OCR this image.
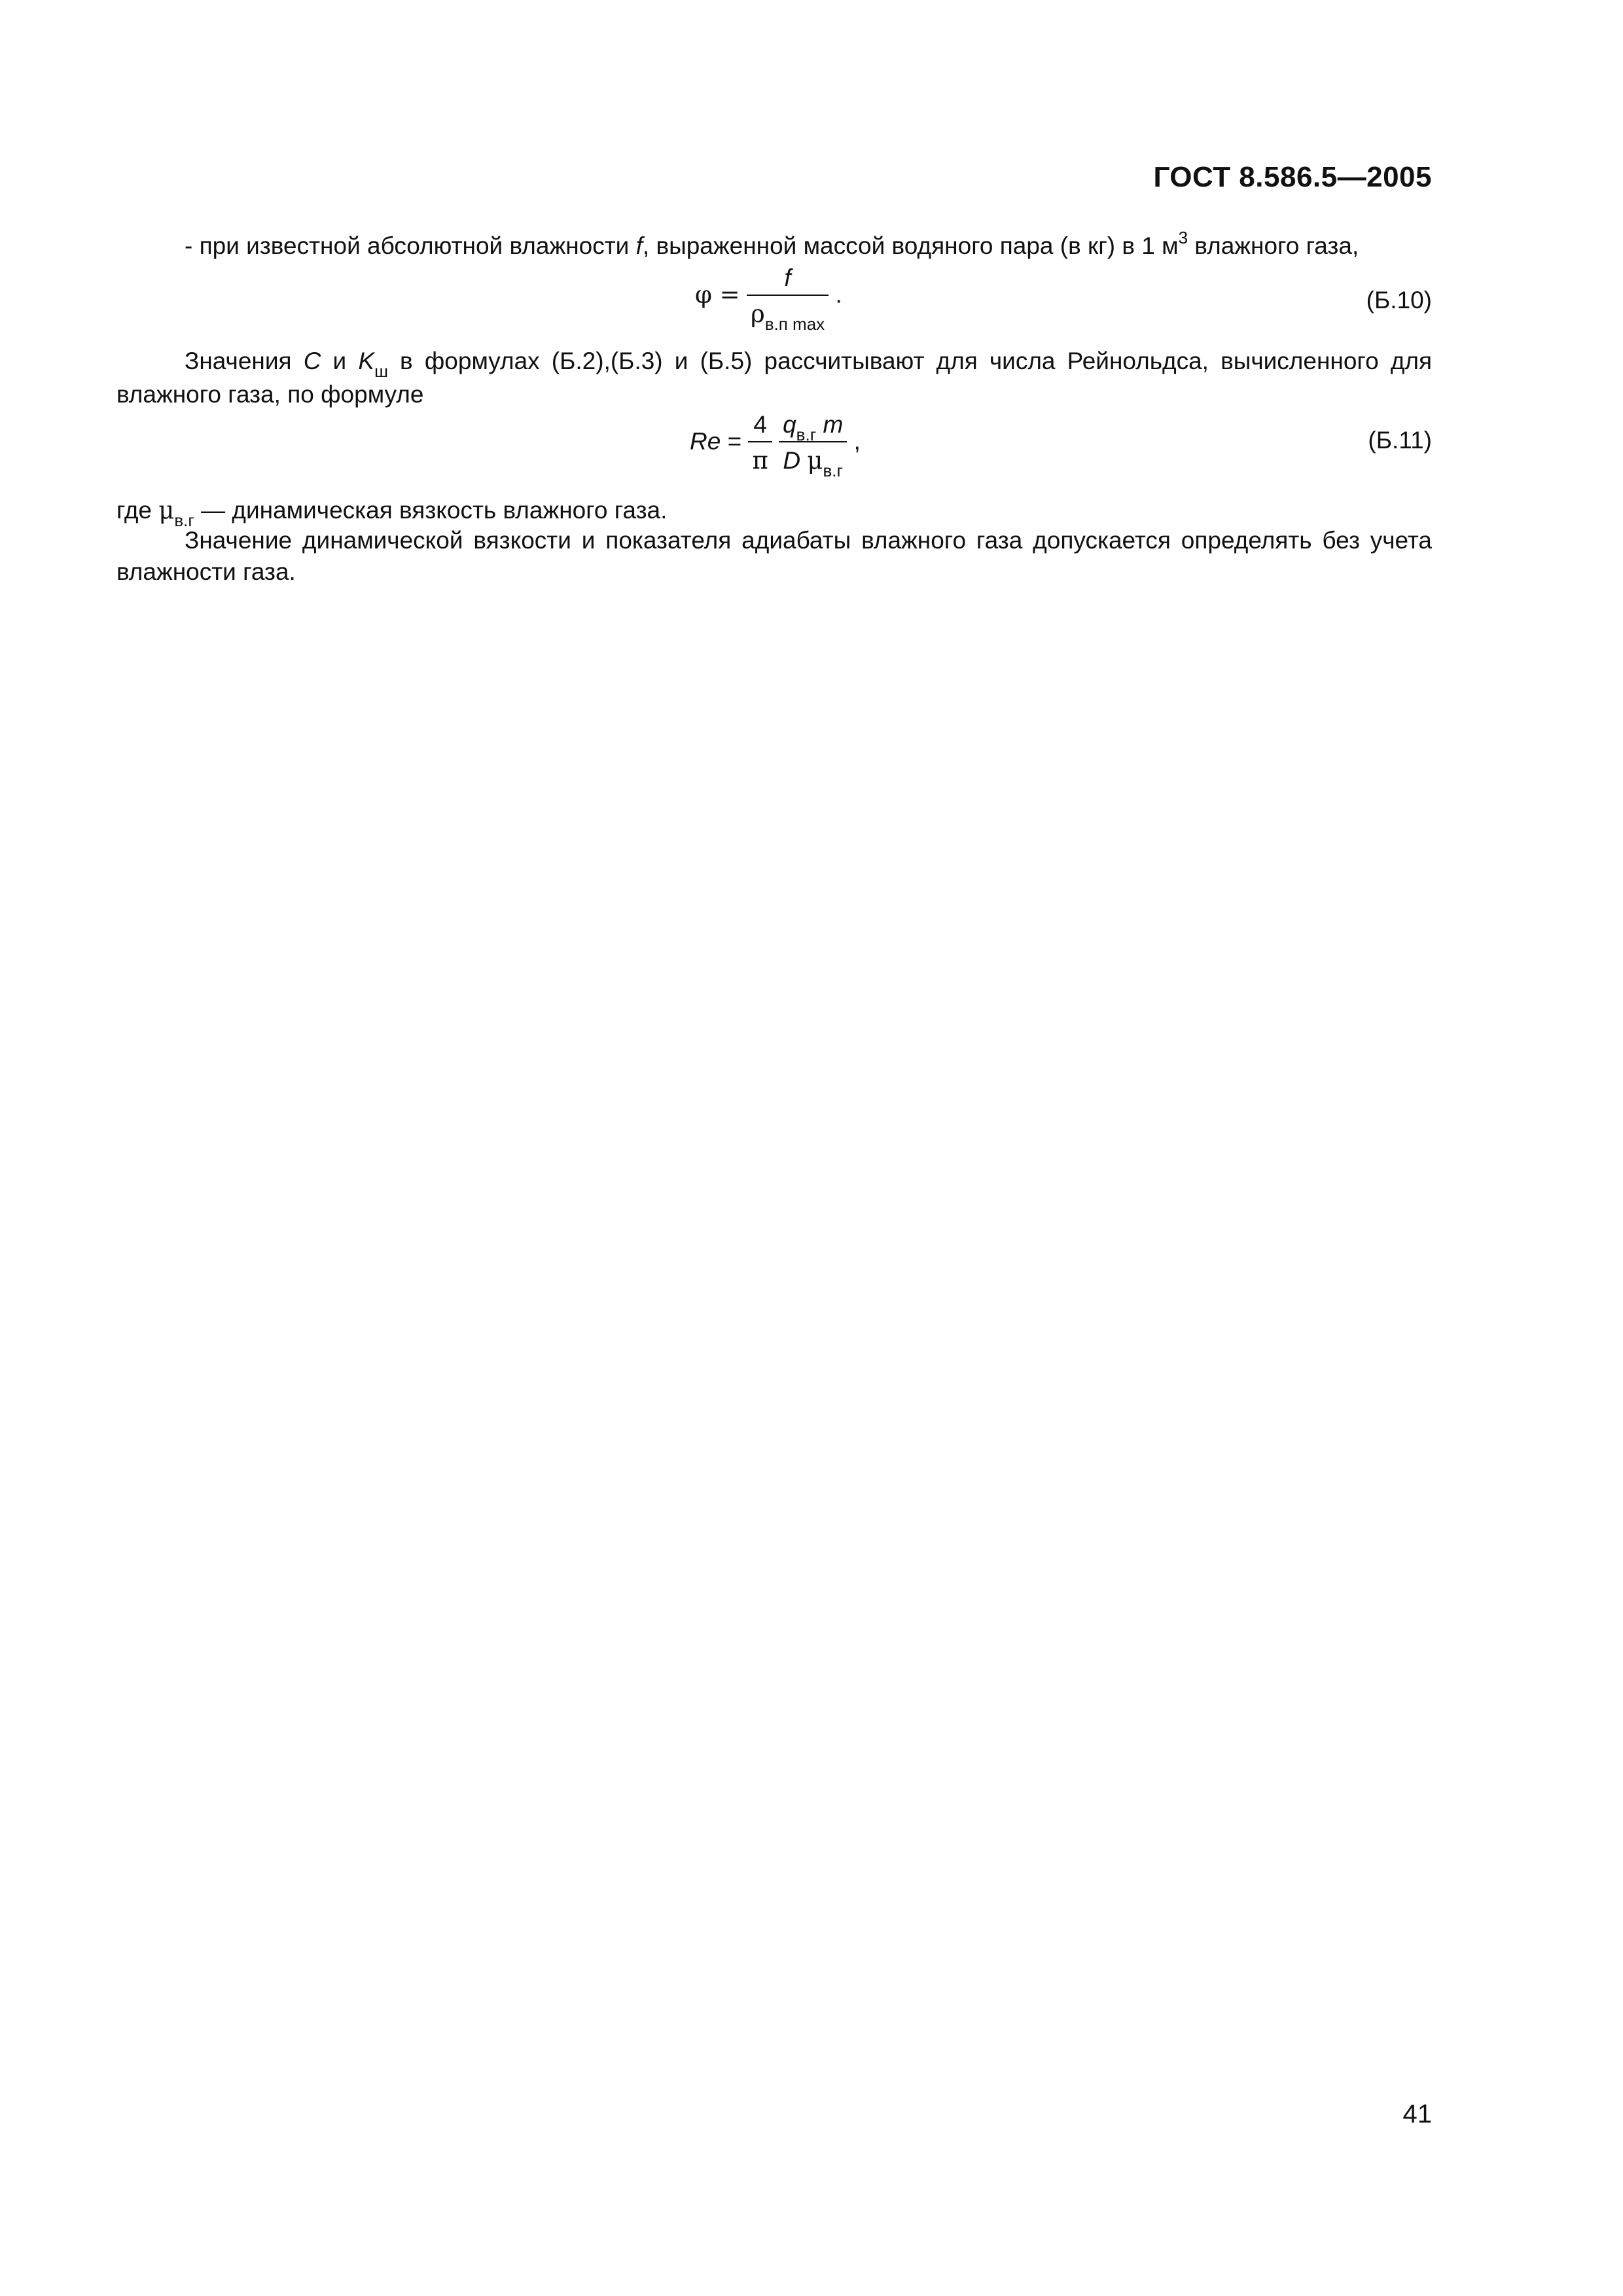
ГОСТ 8.586.5—2005
- при известной абсолютной влажности f, выраженной массой водяного пара (в кг) в 1 $м^3$ влажного газа,
$\varphi = \frac{f}{\rho_{в.п max}}$ .	(Б.10)
Значения C и $K_ш$ в формулах (Б.2),(Б.3) и (Б.5) рассчитывают для числа Рейнольдса, вычисленного для влажного газа, по формуле
$Re = \frac{4}{\pi}$
$\frac{q_{в.г} m}{D \mu_{в.г}}$ ,	(Б.11)
где $\mu_{в.г}$ — динамическая вязкость влажного газа.
Значение динамической вязкости и показателя адиабаты влажного газа допускается определять без учета влажности газа.
41
